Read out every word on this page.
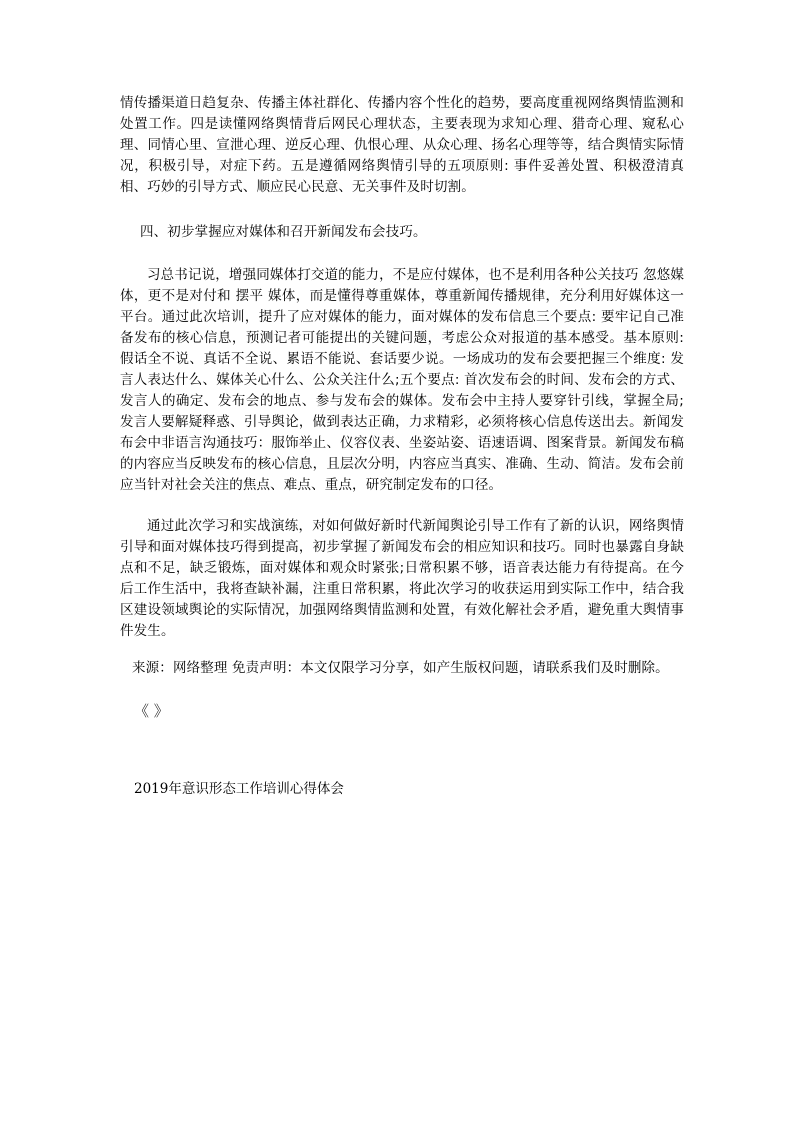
情传播渠道日趋复杂、传播主体社群化、传播内容个性化的趋势，要高度重视网络舆情监测和处置工作。四是读懂网络舆情背后网民心理状态，主要表现为求知心理、猎奇心理、窥私心理、同情心里、宣泄心理、逆反心理、仇恨心理、从众心理、扬名心理等等，结合舆情实际情况，积极引导，对症下药。五是遵循网络舆情引导的五项原则: 事件妥善处置、积极澄清真相、巧妙的引导方式、顺应民心民意、无关事件及时切割。

四、初步掌握应对媒体和召开新闻发布会技巧。

习总书记说，增强同媒体打交道的能力，不是应付媒体，也不是利用各种公关技巧 忽悠媒体，更不是对付和 摆平 媒体，而是懂得尊重媒体，尊重新闻传播规律，充分利用好媒体这一平台。通过此次培训，提升了应对媒体的能力，面对媒体的发布信息三个要点: 要牢记自己准备发布的核心信息，预测记者可能提出的关键问题，考虑公众对报道的基本感受。基本原则: 假话全不说、真话不全说、累语不能说、套话要少说。一场成功的发布会要把握三个维度: 发言人表达什么、媒体关心什么、公众关注什么;五个要点: 首次发布会的时间、发布会的方式、发言人的确定、发布会的地点、参与发布会的媒体。发布会中主持人要穿针引线，掌握全局;发言人要解疑释惑、引导舆论，做到表达正确，力求精彩，必须将核心信息传送出去。新闻发布会中非语言沟通技巧：服饰举止、仪容仪表、坐姿站姿、语速语调、图案背景。新闻发布稿的内容应当反映发布的核心信息，且层次分明，内容应当真实、准确、生动、简洁。发布会前应当针对社会关注的焦点、难点、重点，研究制定发布的口径。

通过此次学习和实战演练，对如何做好新时代新闻舆论引导工作有了新的认识，网络舆情引导和面对媒体技巧得到提高，初步掌握了新闻发布会的相应知识和技巧。同时也暴露自身缺点和不足，缺乏锻炼，面对媒体和观众时紧张;日常积累不够，语音表达能力有待提高。在今后工作生活中，我将查缺补漏，注重日常积累，将此次学习的收获运用到实际工作中，结合我区建设领域舆论的实际情况，加强网络舆情监测和处置，有效化解社会矛盾，避免重大舆情事件发生。

来源：网络整理 免责声明：本文仅限学习分享，如产生版权问题，请联系我们及时删除。

《 》
2019年意识形态工作培训心得体会
